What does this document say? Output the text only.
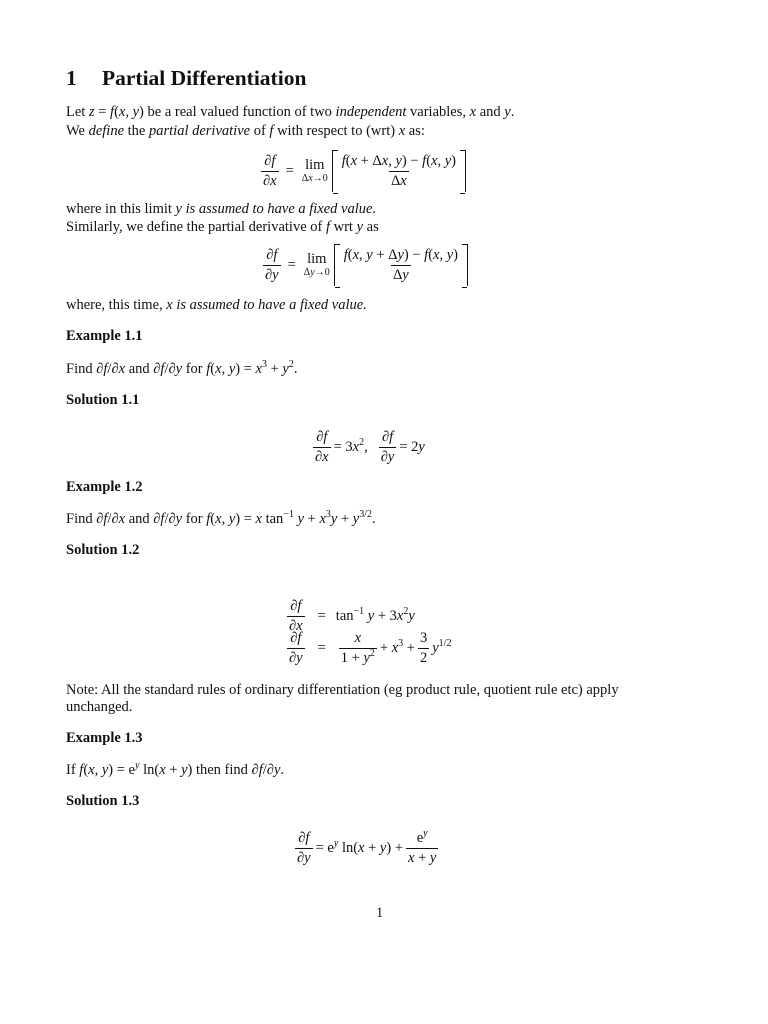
1 Partial Differentiation
Let z = f(x, y) be a real valued function of two independent variables, x and y.
We define the partial derivative of f with respect to (wrt) x as:
$\frac{\partial f}{\partial x} = \lim$
$\Delta x\to 0 \frac{f(x + \Delta x, y) - f(x, y)}{\Delta x}$
where in this limit y is assumed to have a fixed value.
Similarly, we define the partial derivative of f wrt y as
$\frac{\partial f}{\partial y} = \lim$
$\Delta y\to 0 \frac{f(x, y + \Delta y) - f(x, y)}{\Delta y}$
where, this time, x is assumed to have a fixed value.
Example 1.1
Find ∂f/∂x and ∂f/∂y for f(x, $y) = x^3 + y^2$.
Solution 1.1
$\frac{\partial f}{\partial x} = 3x^2$, $\frac{\partial f}{\partial y} = 2y$
Example 1.2
Find ∂f/∂x and ∂f/∂y for f(x, y) = x $\tan^{-1} y + x^3y + y^{3/2}$.
Solution 1.2
$\frac{\partial f}{\partial x} = \tan^{-1} y + 3x^2y$
$\frac{\partial f}{\partial y} = \frac{x}{1 + y^2} + x^3 + \frac{3}{2} y^{1/2}$
Note: All the standard rules of ordinary differentiation (eg product rule, quotient rule etc) apply
unchanged.
Example 1.3
If f(x, $y) = e^y$ ln(x + y) then find ∂f/∂y.
Solution 1.3
$\frac{\partial f}{\partial y} = e^y$ $\ln(x + y) + \frac{e^y}{x + y}$
1
